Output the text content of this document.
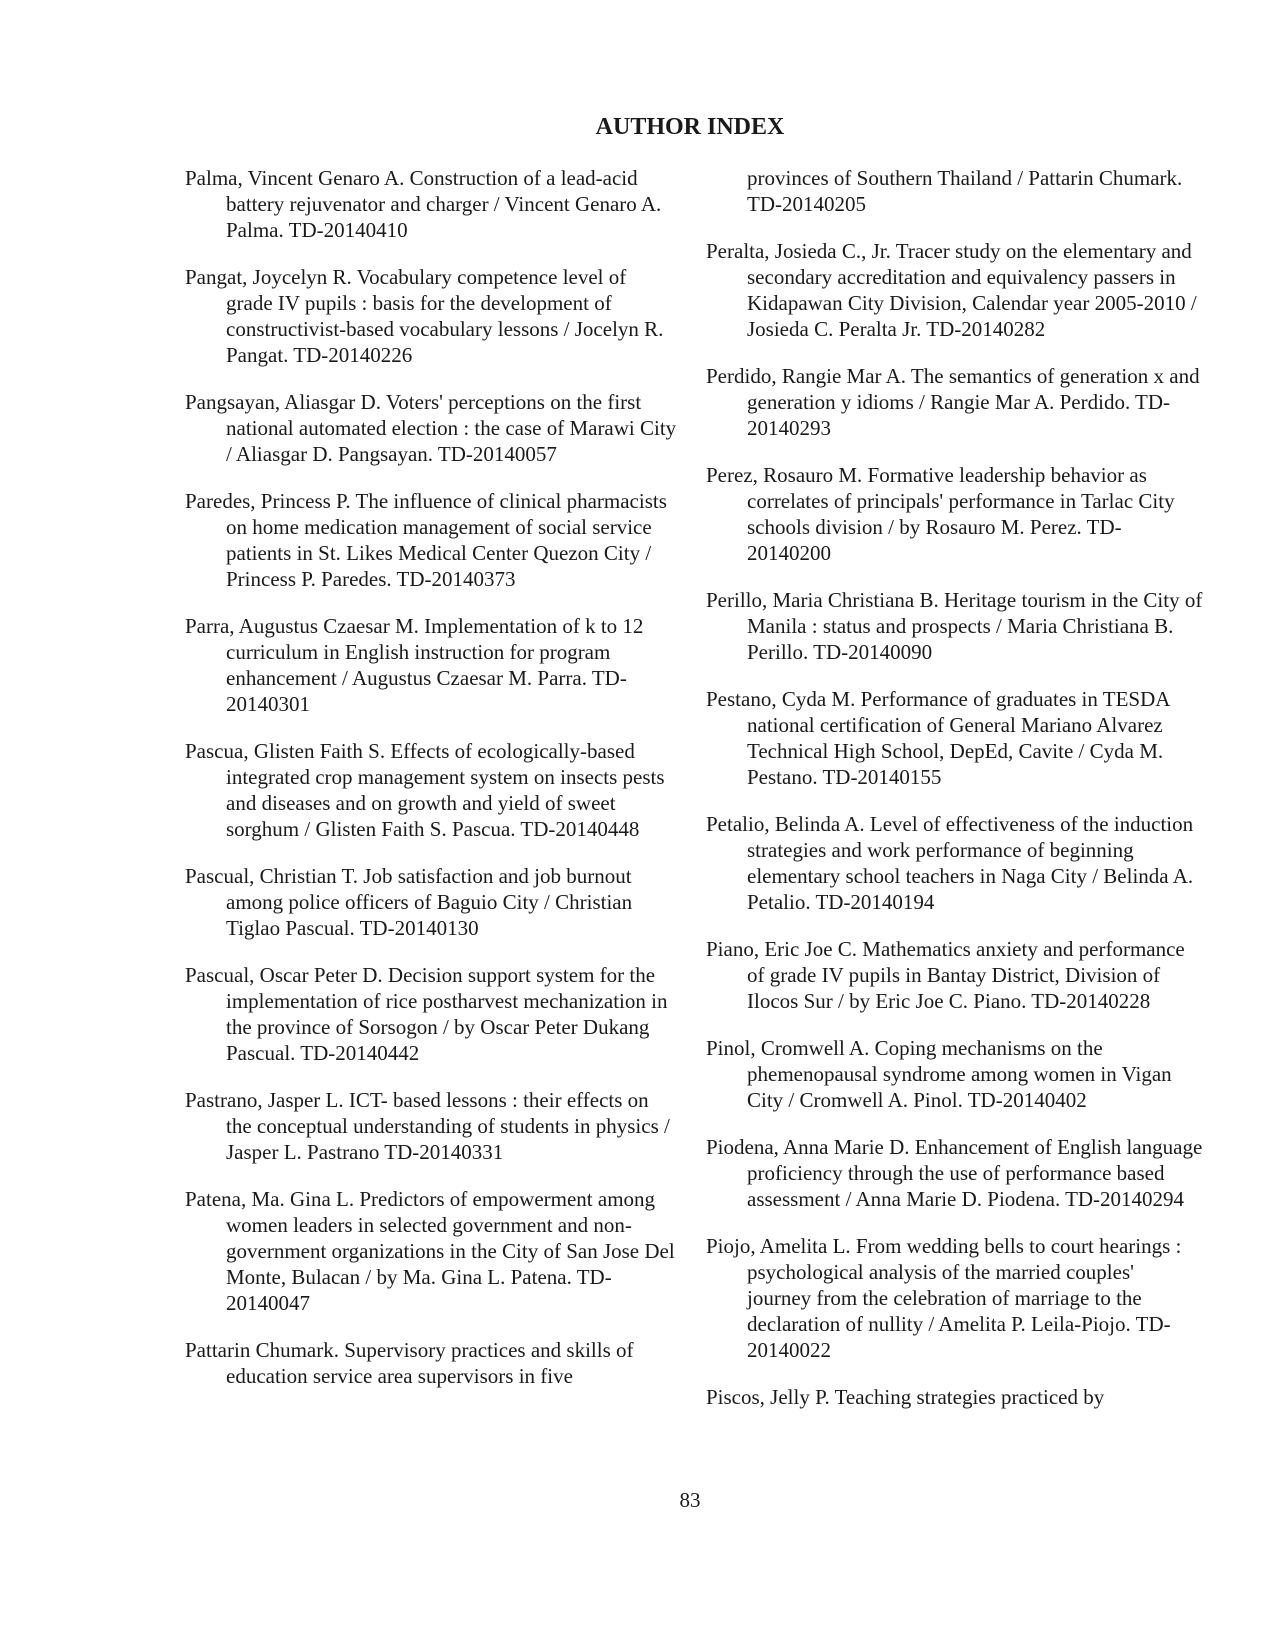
AUTHOR INDEX
Palma, Vincent Genaro A. Construction of a lead-acid battery rejuvenator and charger / Vincent Genaro A. Palma. TD-20140410
Pangat, Joycelyn R. Vocabulary competence level of grade IV pupils : basis for the development of constructivist-based vocabulary lessons / Jocelyn R. Pangat. TD-20140226
Pangsayan, Aliasgar D. Voters' perceptions on the first national automated election : the case of Marawi City / Aliasgar D. Pangsayan. TD-20140057
Paredes, Princess P. The influence of clinical pharmacists on home medication management of social service patients in St. Likes Medical Center Quezon City / Princess P. Paredes. TD-20140373
Parra, Augustus Czaesar M. Implementation of k to 12 curriculum in English instruction for program enhancement / Augustus Czaesar M. Parra. TD-20140301
Pascua, Glisten Faith S. Effects of ecologically-based integrated crop management system on insects pests and diseases and on growth and yield of sweet sorghum / Glisten Faith S. Pascua. TD-20140448
Pascual, Christian T. Job satisfaction and job burnout among police officers of Baguio City / Christian Tiglao Pascual. TD-20140130
Pascual, Oscar Peter D. Decision support system for the implementation of rice postharvest mechanization in the province of Sorsogon / by Oscar Peter Dukang Pascual. TD-20140442
Pastrano, Jasper L. ICT- based lessons : their effects on the conceptual understanding of students in physics / Jasper L. Pastrano TD-20140331
Patena, Ma. Gina L. Predictors of empowerment among women leaders in selected government and non- government organizations in the City of San Jose Del Monte, Bulacan / by Ma. Gina L. Patena. TD-20140047
Pattarin Chumark. Supervisory practices and skills of education service area supervisors in five
provinces of Southern Thailand / Pattarin Chumark. TD-20140205
Peralta, Josieda C., Jr. Tracer study on the elementary and secondary accreditation and equivalency passers in Kidapawan City Division, Calendar year 2005-2010 / Josieda C. Peralta Jr. TD-20140282
Perdido, Rangie Mar A. The semantics of generation x and generation y idioms / Rangie Mar A. Perdido. TD-20140293
Perez, Rosauro M. Formative leadership behavior as correlates of principals' performance in Tarlac City schools division / by Rosauro M. Perez. TD-20140200
Perillo, Maria Christiana B. Heritage tourism in the City of Manila : status and prospects / Maria Christiana B. Perillo. TD-20140090
Pestano, Cyda M. Performance of graduates in TESDA national certification of General Mariano Alvarez Technical High School, DepEd, Cavite / Cyda M. Pestano. TD-20140155
Petalio, Belinda A. Level of effectiveness of the induction strategies and work performance of beginning elementary school teachers in Naga City / Belinda A. Petalio. TD-20140194
Piano, Eric Joe C. Mathematics anxiety and performance of grade IV pupils in Bantay District, Division of Ilocos Sur / by Eric Joe C. Piano. TD-20140228
Pinol, Cromwell A. Coping mechanisms on the phemenopausal syndrome among women in Vigan City / Cromwell A. Pinol. TD-20140402
Piodena, Anna Marie D. Enhancement of English language proficiency through the use of performance based assessment / Anna Marie D. Piodena. TD-20140294
Piojo, Amelita L. From wedding bells to court hearings : psychological analysis of the married couples' journey from the celebration of marriage to the declaration of nullity / Amelita P. Leila-Piojo. TD-20140022
Piscos, Jelly P. Teaching strategies practiced by
83
